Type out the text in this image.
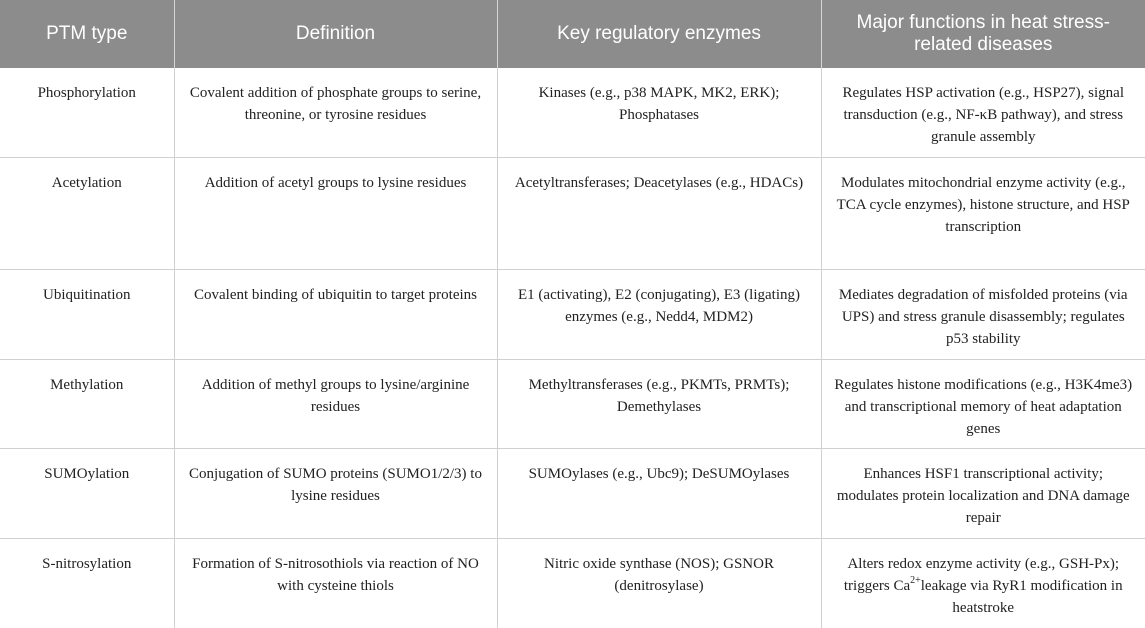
PTM type	Definition	Key regulatory enzymes	Major functions in heat stress-related diseases
Phosphorylation	Covalent addition of phosphate groups to serine, threonine, or tyrosine residues	Kinases (e.g., p38 MAPK, MK2, ERK); Phosphatases	Regulates HSP activation (e.g., HSP27), signal transduction (e.g., NF-κB pathway), and stress granule assembly
Acetylation	Addition of acetyl groups to lysine residues	Acetyltransferases; Deacetylases (e.g., HDACs)	Modulates mitochondrial enzyme activity (e.g., TCA cycle enzymes), histone structure, and HSP transcription
Ubiquitination	Covalent binding of ubiquitin to target proteins	E1 (activating), E2 (conjugating), E3 (ligating) enzymes (e.g., Nedd4, MDM2)	Mediates degradation of misfolded proteins (via UPS) and stress granule disassembly; regulates p53 stability
Methylation	Addition of methyl groups to lysine/arginine residues	Methyltransferases (e.g., PKMTs, PRMTs); Demethylases	Regulates histone modifications (e.g., H3K4me3) and transcriptional memory of heat adaptation genes
SUMOylation	Conjugation of SUMO proteins (SUMO1/2/3) to lysine residues	SUMOylases (e.g., Ubc9); DeSUMOylases	Enhances HSF1 transcriptional activity; modulates protein localization and DNA damage repair
S-nitrosylation	Formation of S-nitrosothiols via reaction of NO with cysteine thiols	Nitric oxide synthase (NOS); GSNOR (denitrosylase)	Alters redox enzyme activity (e.g., GSH-Px); triggers $Ca^{2+}leakage$ via RyR1 modification in heatstroke
